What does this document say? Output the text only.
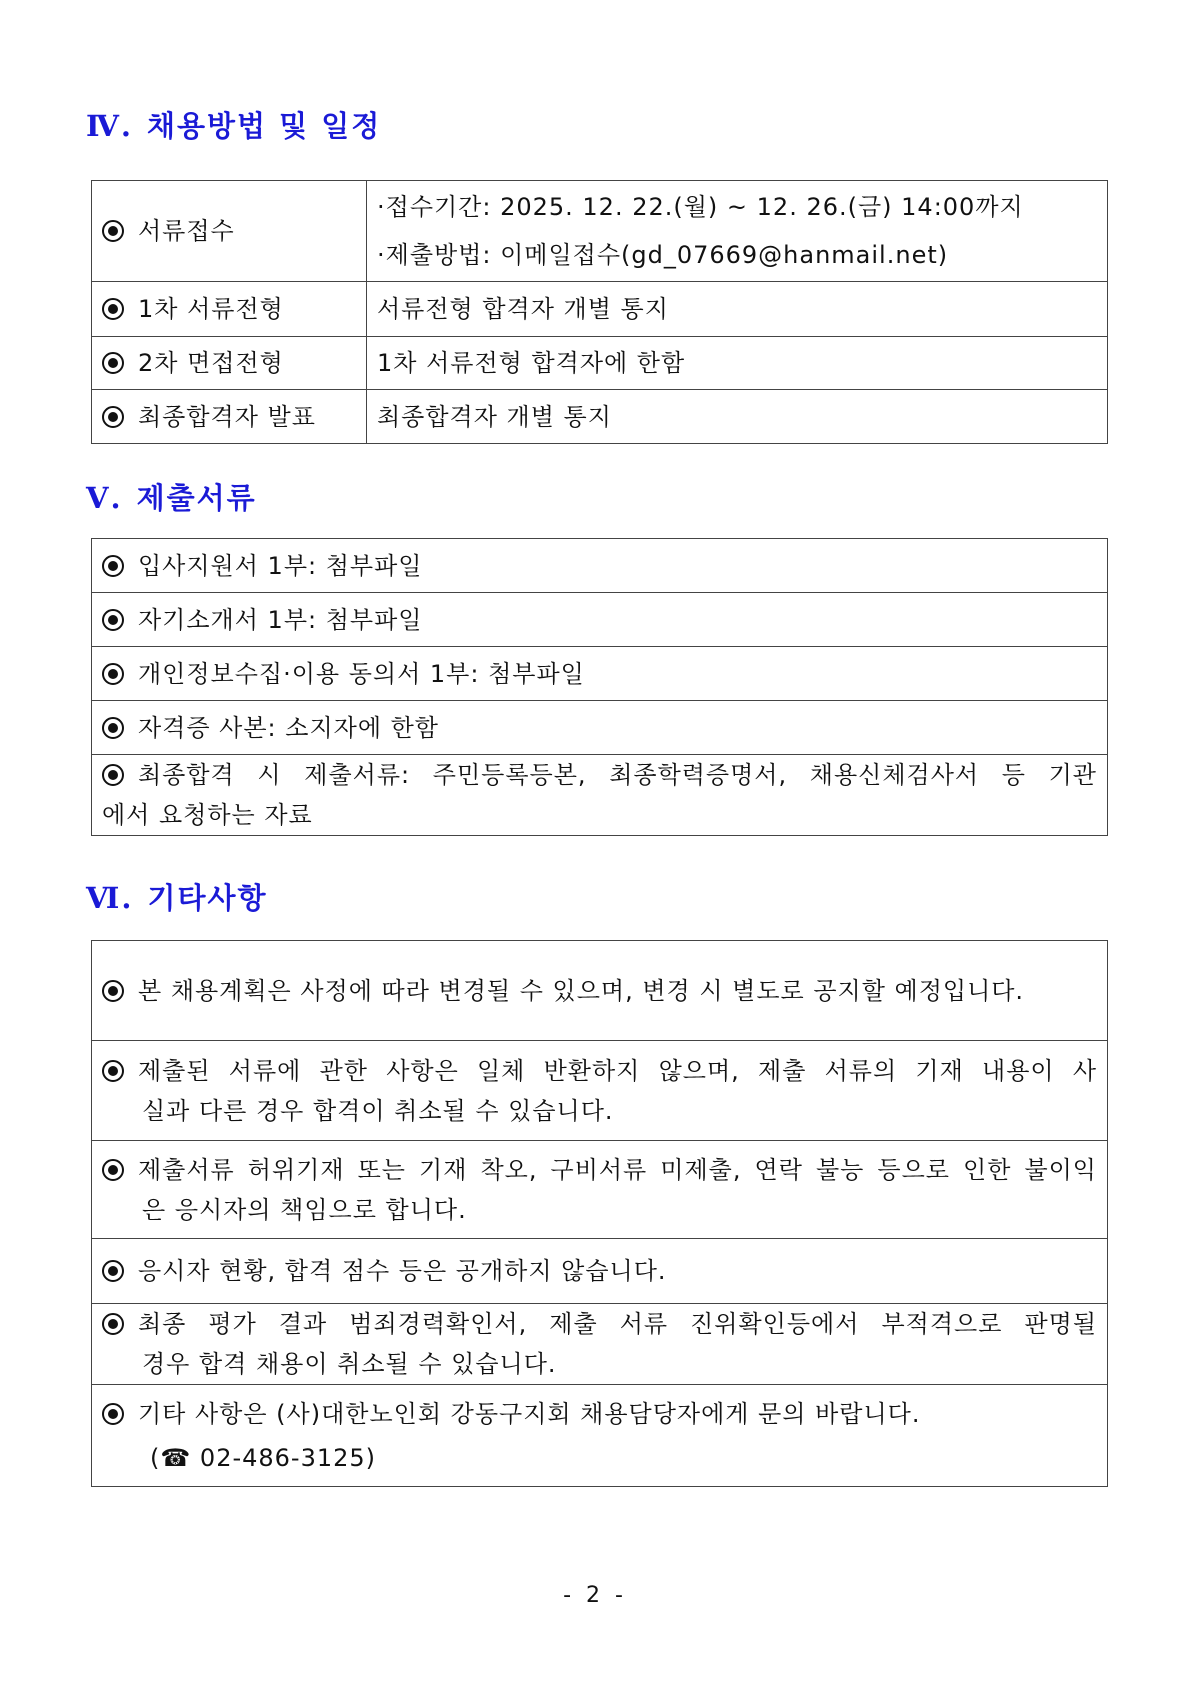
Ⅳ. 채용방법 및 일정
서류접수	·접수기간: 2025. 12. 22.(월) ~ 12. 26.(금) 14:00까지
·제출방법: 이메일접수(gd_07669@hanmail.net)

1차 서류전형	서류전형 합격자 개별 통지
2차 면접전형	1차 서류전형 합격자에 한함
최종합격자 발표	최종합격자 개별 통지
Ⅴ. 제출서류
입사지원서 1부: 첨부파일
자기소개서 1부: 첨부파일
개인정보수집·이용 동의서 1부: 첨부파일
자격증 사본: 소지자에 한함

최종합격 시 제출서류: 주민등록등본, 최종학력증명서, 채용신체검사서 등 기관
에서 요청하는 자료
Ⅵ. 기타사항
본 채용계획은 사정에 따라 변경될 수 있으며, 변경 시 별도로 공지할 예정입니다.

제출된 서류에 관한 사항은 일체 반환하지 않으며, 제출 서류의 기재 내용이 사
실과 다른 경우 합격이 취소될 수 있습니다.

제출서류 허위기재 또는 기재 착오, 구비서류 미제출, 연락 불능 등으로 인한 불이익
은 응시자의 책임으로 합니다.

응시자 현황, 합격 점수 등은 공개하지 않습니다.

최종 평가 결과 범죄경력확인서, 제출 서류 진위확인등에서 부적격으로 판명될
경우 합격 채용이 취소될 수 있습니다.

기타 사항은 (사)대한노인회 강동구지회 채용담당자에게 문의 바랍니다.
(☎ 02-486-3125)
- 2 -
